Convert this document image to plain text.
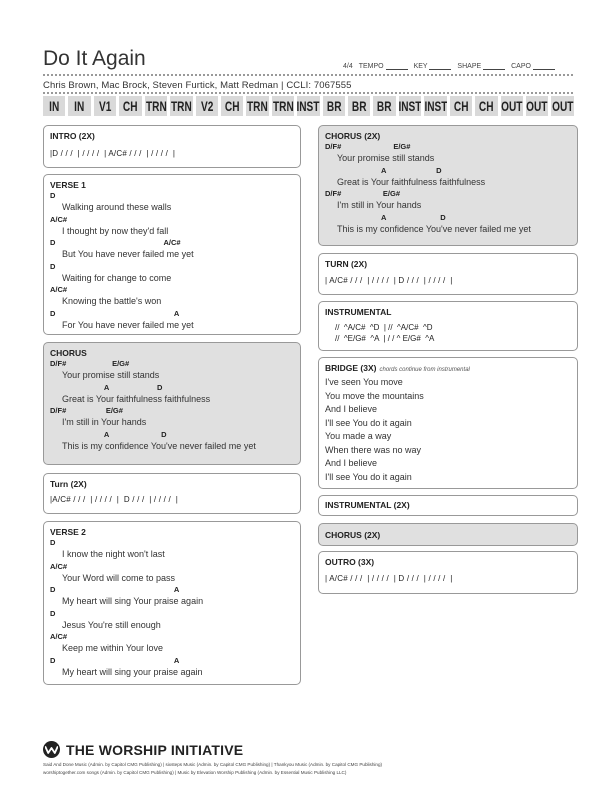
Do It Again	4/4 TEMPO	KEY	SHAPE	CAPO
Chris Brown, Mac Brock, Steven Furtick, Matt Redman | CCLI: 7067555
IN IN V1 CH TRN TRN V2 CH TRN TRN INST BR BR BR INST INST CH CH OUT OUT OUT
INTRO (2X)
|D / / /  | / / / /  | A/C# / / /  | / / / /  |
VERSE 1
D
Walking around these walls
A/C#
I thought by now they'd fall
D                                                    A/C#
But You have never failed me yet
D
Waiting for change to come
A/C#
Knowing the battle's won
D                                                         A
For You have never failed me yet
CHORUS
D/F#                      E/G#
Your promise still stands
A                       D
Great is Your faithfulness faithfulness
D/F#                   E/G#
I'm still in Your hands
A                         D
This is my confidence You've never failed me yet
Turn (2X)
|A/C# / / /  | / / / /  |  D / / /  | / / / /  |
VERSE 2
D
I know the night won't last
A/C#
Your Word will come to pass
D                                                         A
My heart will sing Your praise again
D
Jesus You're still enough
A/C#
Keep me within Your love
D                                                         A
My heart will sing your praise again
CHORUS (2X)
D/F#                         E/G#
Your promise still stands
A                        D
Great is Your faithfulness faithfulness
D/F#                    E/G#
I'm still in Your hands
A                          D
This is my confidence You've never failed me yet
TURN (2X)
| A/C# / / /  | / / / /  | D / / /  | / / / /  |
INSTRUMENTAL
//  ^A/C#  ^D  | //  ^A/C#  ^D
//  ^E/G#  ^A  | / / ^ E/G#  ^A
BRIDGE (3X) chords continue from instrumental
I've seen You move
You move the mountains
And I believe
I'll see You do it again
You made a way
When there was no way
And I believe
I'll see You do it again
INSTRUMENTAL (2X)
CHORUS (2X)
OUTRO (3X)
| A/C# / / /  | / / / /  | D / / /  | / / / /  |
THE WORSHIP INITIATIVE
Said And Done Music (Admin. by Capitol CMG Publishing) | sixsteps Music (Admin. by Capitol CMG Publishing) | Thankyou Music (Admin. by Capitol CMG Publishing)
worshiptogether.com songs (Admin. by Capitol CMG Publishing) | Music by Elevation Worship Publishing (Admin. by Essential Music Publishing LLC)
